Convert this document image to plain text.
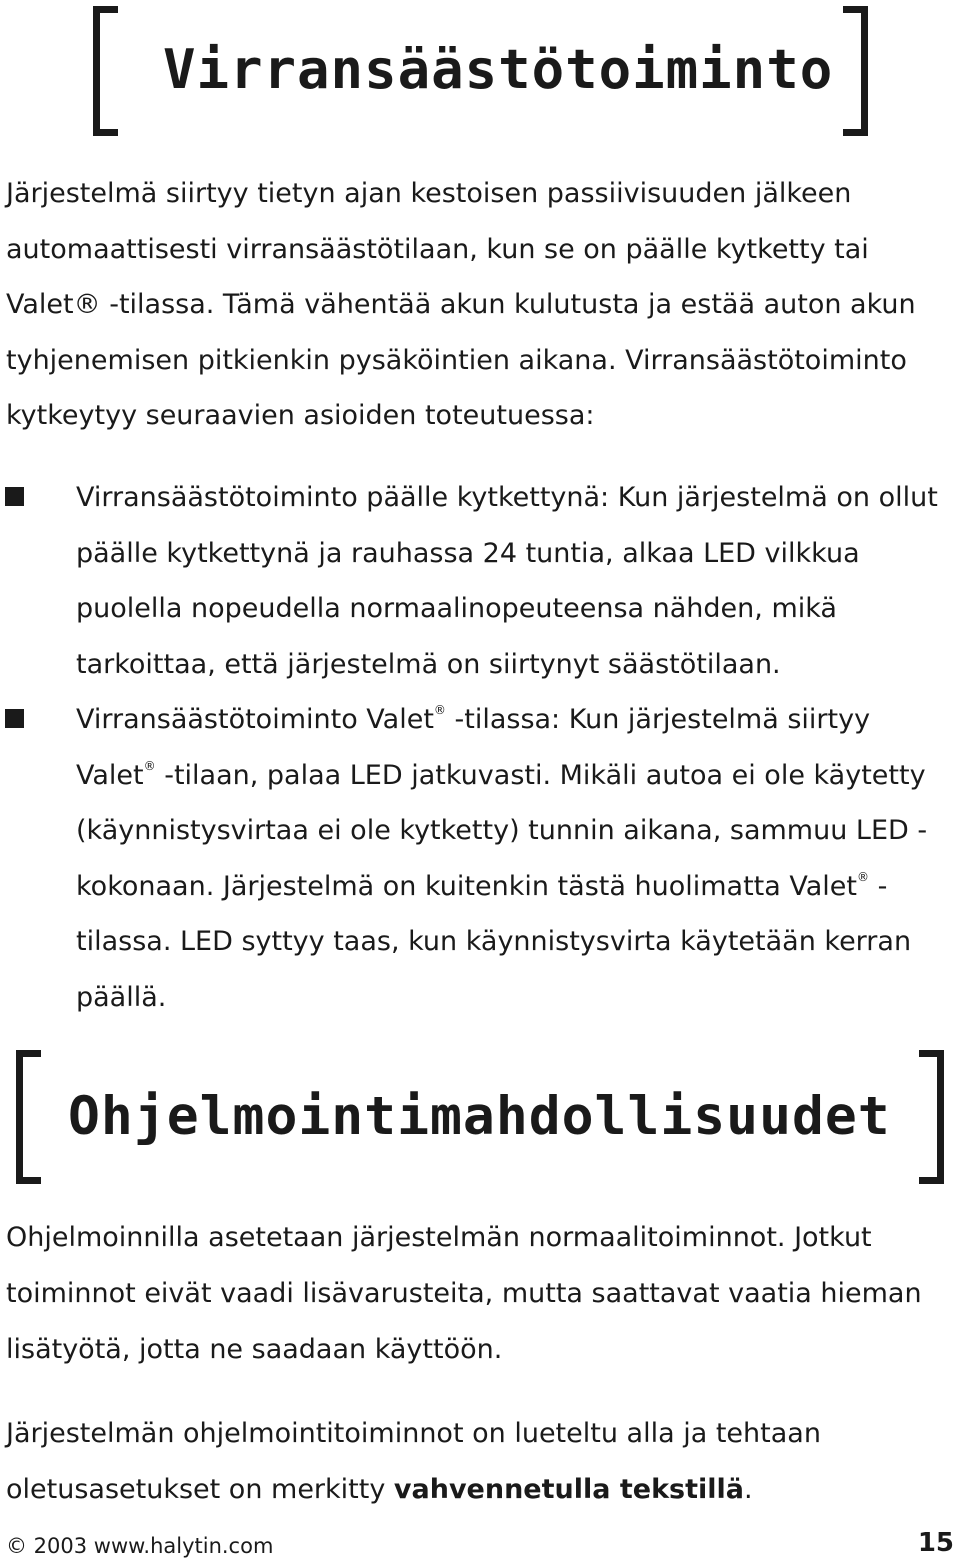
Virransäästötoiminto

Järjestelmä siirtyy tietyn ajan kestoisen passiivisuuden jälkeen automaattisesti virransäästötilaan, kun se on päälle kytketty tai Valet® -tilassa. Tämä vähentää akun kulutusta ja estää auton akun tyhjenemisen pitkienkin pysäköintien aikana. Virransäästötoiminto kytkeytyy seuraavien asioiden toteutuessa:

Virransäästötoiminto päälle kytkettynä: Kun järjestelmä on ollut päälle kytkettynä ja rauhassa 24 tuntia, alkaa LED vilkkua puolella nopeudella normaalinopeuteensa nähden, mikä tarkoittaa, että järjestelmä on siirtynyt säästötilaan.
Virransäästötoiminto Valet® -tilassa: Kun järjestelmä siirtyy Valet® -tilaan, palaa LED jatkuvasti. Mikäli autoa ei ole käytetty (käynnistysvirtaa ei ole kytketty) tunnin aikana, sammuu LED -kokonaan. Järjestelmä on kuitenkin tästä huolimatta Valet® -tilassa. LED syttyy taas, kun käynnistysvirta käytetään kerran päällä.
Ohjelmointimahdollisuudet

Ohjelmoinnilla asetetaan järjestelmän normaalitoiminnot. Jotkut toiminnot eivät vaadi lisävarusteita, mutta saattavat vaatia hieman lisätyötä, jotta ne saadaan käyttöön.

Järjestelmän ohjelmointitoiminnot on lueteltu alla ja tehtaan oletusasetukset on merkitty vahvennetulla tekstillä.

© 2003 www.halytin.com	15
